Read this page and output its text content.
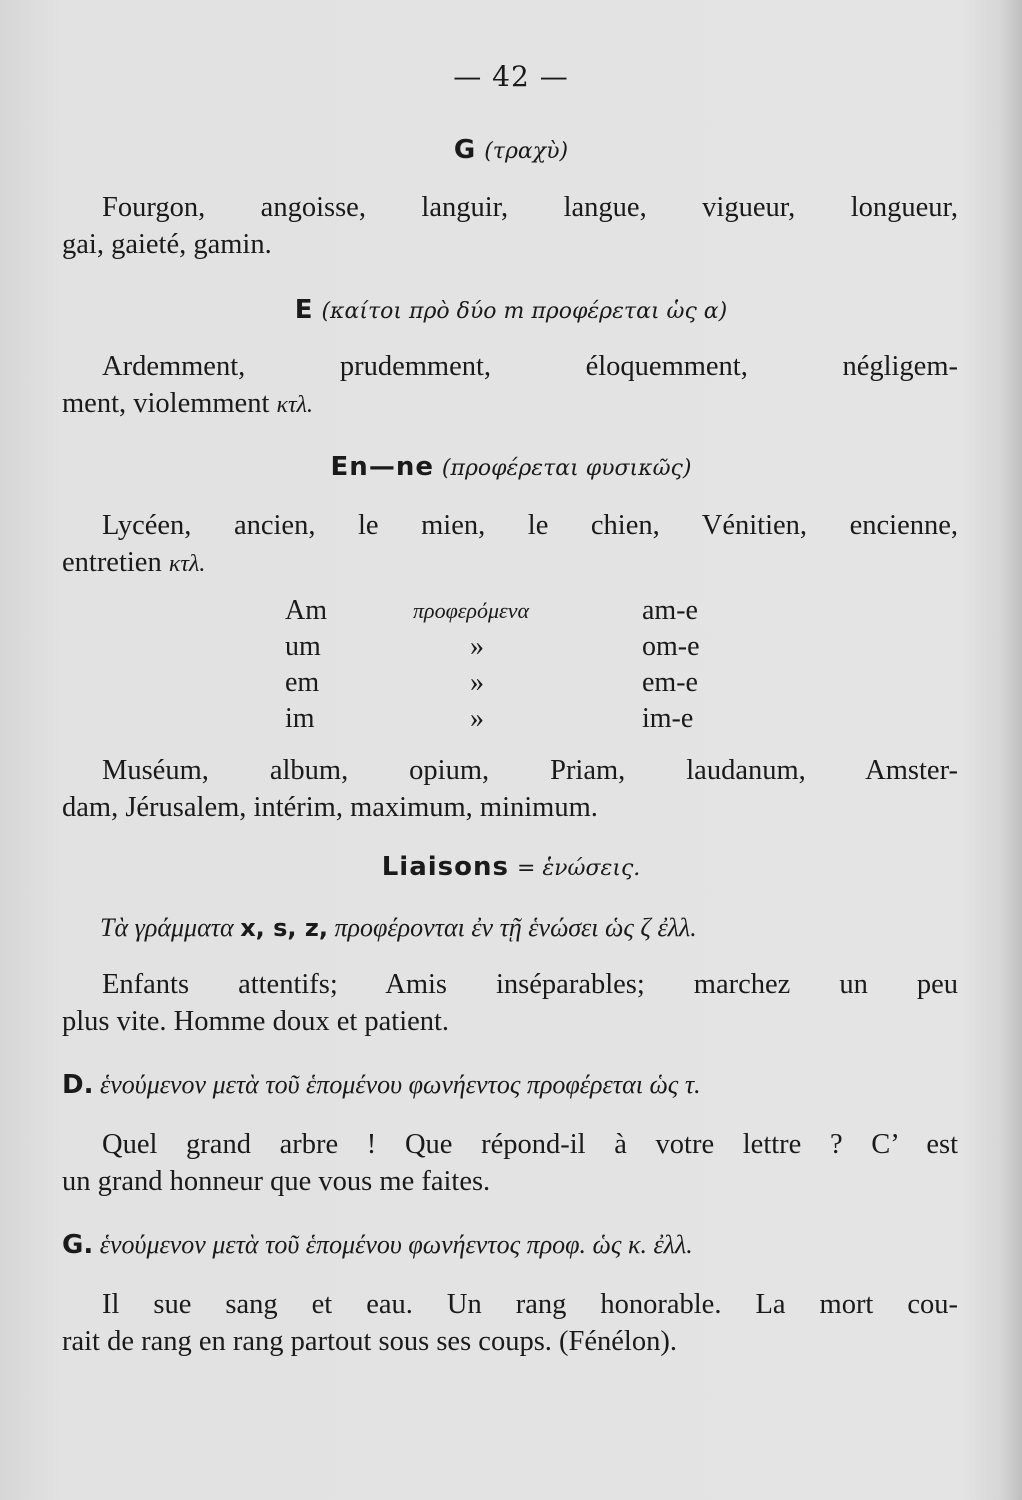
— 42 —
G (τραχὺ)
Fourgon, angoisse, languir, langue, vigueur, longueur,
gai, gaieté, gamin.
E (καίτοι πρὸ δύο m προφέρεται ὡς α)
Ardemment, prudemment, éloquemment, négligem-
ment, violemment κτλ.
En—ne (προφέρεται φυσικῶς)
Lycéen, ancien, le mien, le chien, Vénitien, encienne,
entretien κτλ.
Am	προφερόμενα	am-e
um	»	om-e
em	»	em-e
im	»	im-e
Muséum, album, opium, Priam, laudanum, Amster-
dam, Jérusalem, intérim, maximum, minimum.
Liaisons = ἑνώσεις.
Τὰ γράμματα x, s, z, προφέρονται ἐν τῇ ἑνώσει ὡς ζ ἐλλ.
Enfants attentifs; Amis inséparables; marchez un peu
plus vite. Homme doux et patient.
D. ἑνούμενον μετὰ τοῦ ἑπομένου φωνήεντος προφέρεται ὡς τ.
Quel grand arbre ! Que répond-il à votre lettre ? C’ est
un grand honneur que vous me faites.
G. ἑνούμενον μετὰ τοῦ ἑπομένου φωνήεντος προφ. ὡς κ. ἐλλ.
Il sue sang et eau. Un rang honorable. La mort cou-
rait de rang en rang partout sous ses coups. (Fénélon).
